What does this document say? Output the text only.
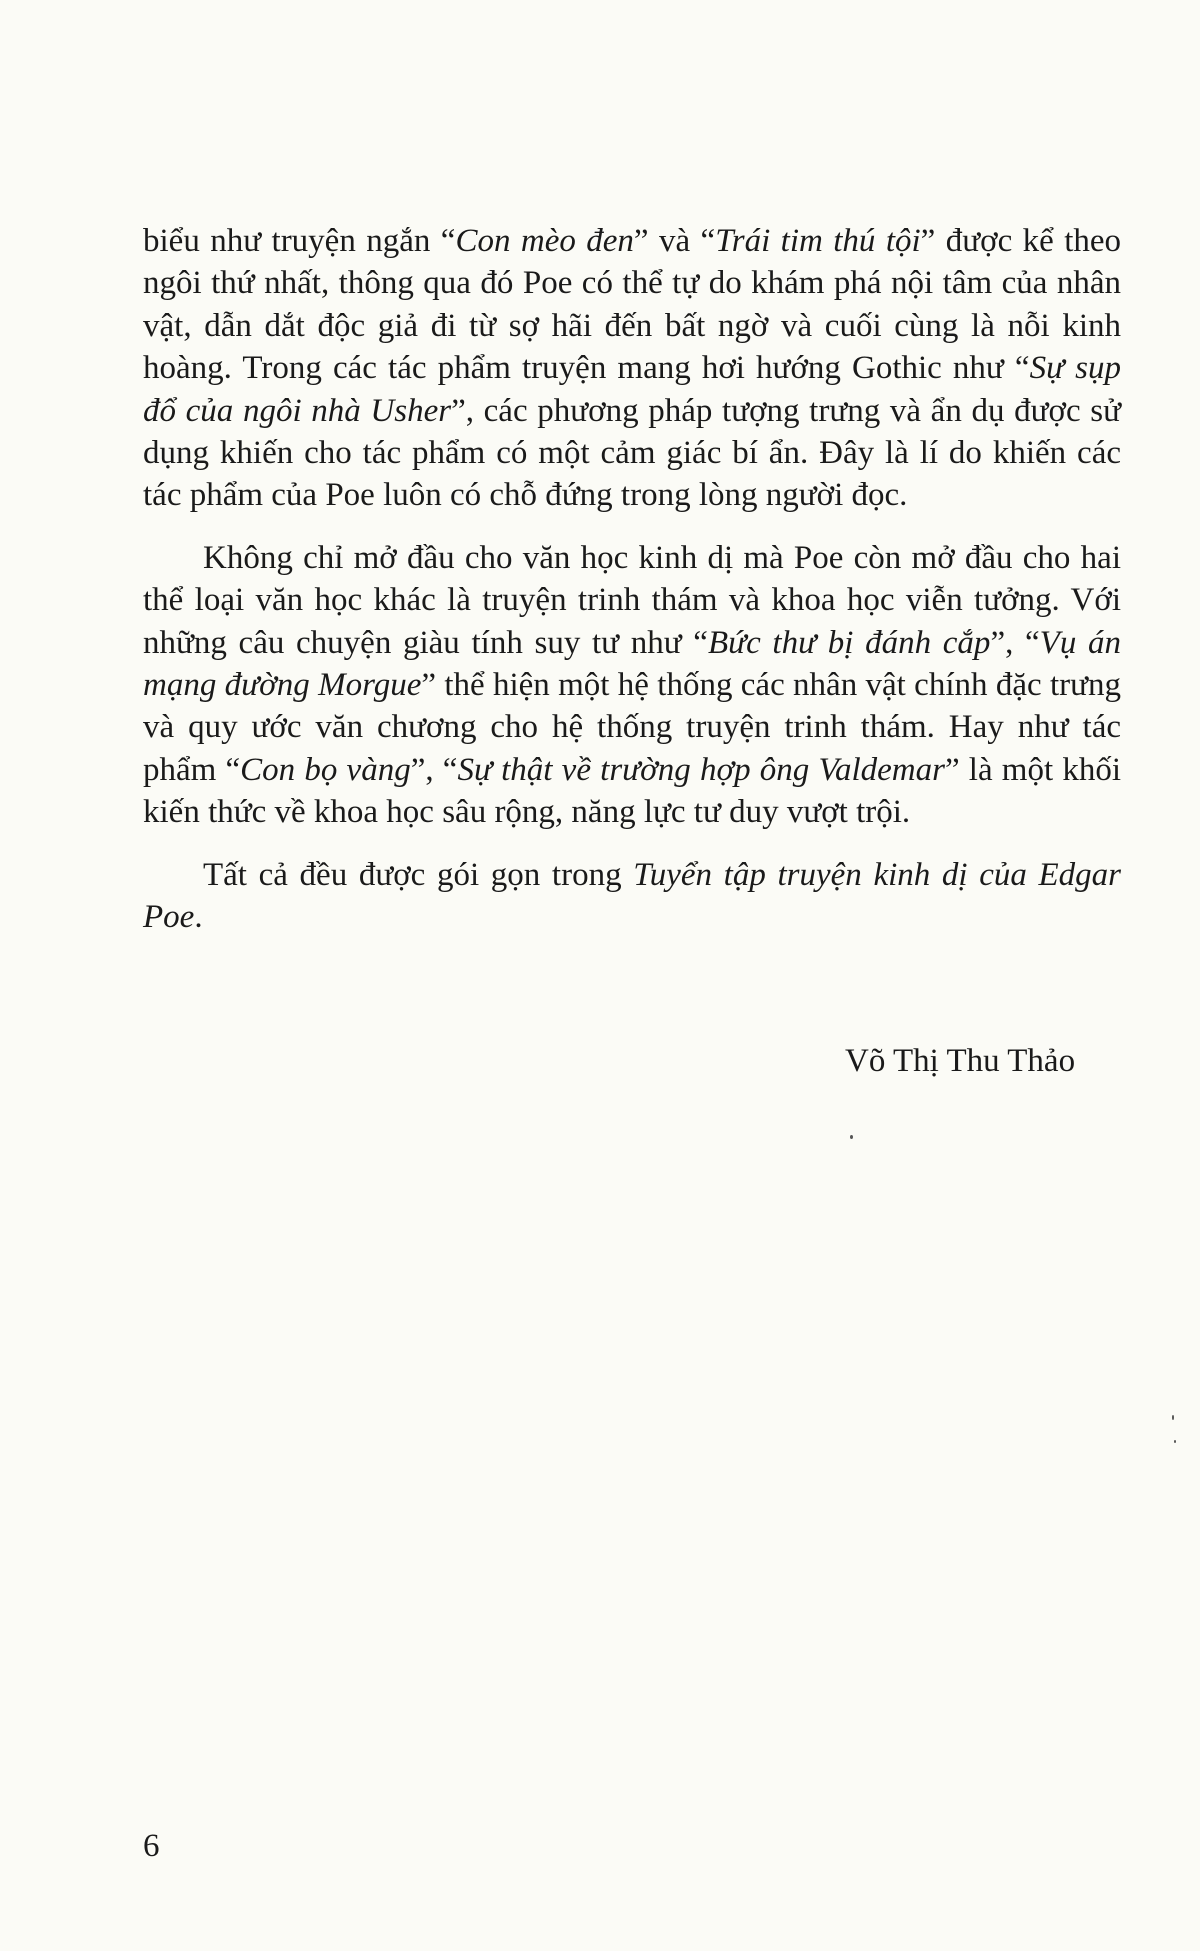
biểu như truyện ngắn “Con mèo đen” và “Trái tim thú tội” được kể theo ngôi thứ nhất, thông qua đó Poe có thể tự do khám phá nội tâm của nhân vật, dẫn dắt độc giả đi từ sợ hãi đến bất ngờ và cuối cùng là nỗi kinh hoàng. Trong các tác phẩm truyện mang hơi hướng Gothic như “Sự sụp đổ của ngôi nhà Usher”, các phương pháp tượng trưng và ẩn dụ được sử dụng khiến cho tác phẩm có một cảm giác bí ẩn. Đây là lí do khiến các tác phẩm của Poe luôn có chỗ đứng trong lòng người đọc.

Không chỉ mở đầu cho văn học kinh dị mà Poe còn mở đầu cho hai thể loại văn học khác là truyện trinh thám và khoa học viễn tưởng. Với những câu chuyện giàu tính suy tư như “Bức thư bị đánh cắp”, “Vụ án mạng đường Morgue” thể hiện một hệ thống các nhân vật chính đặc trưng và quy ước văn chương cho hệ thống truyện trinh thám. Hay như tác phẩm “Con bọ vàng”, “Sự thật về trường hợp ông Valdemar” là một khối kiến thức về khoa học sâu rộng, năng lực tư duy vượt trội.

Tất cả đều được gói gọn trong Tuyển tập truyện kinh dị của Edgar Poe.

Võ Thị Thu Thảo
6
